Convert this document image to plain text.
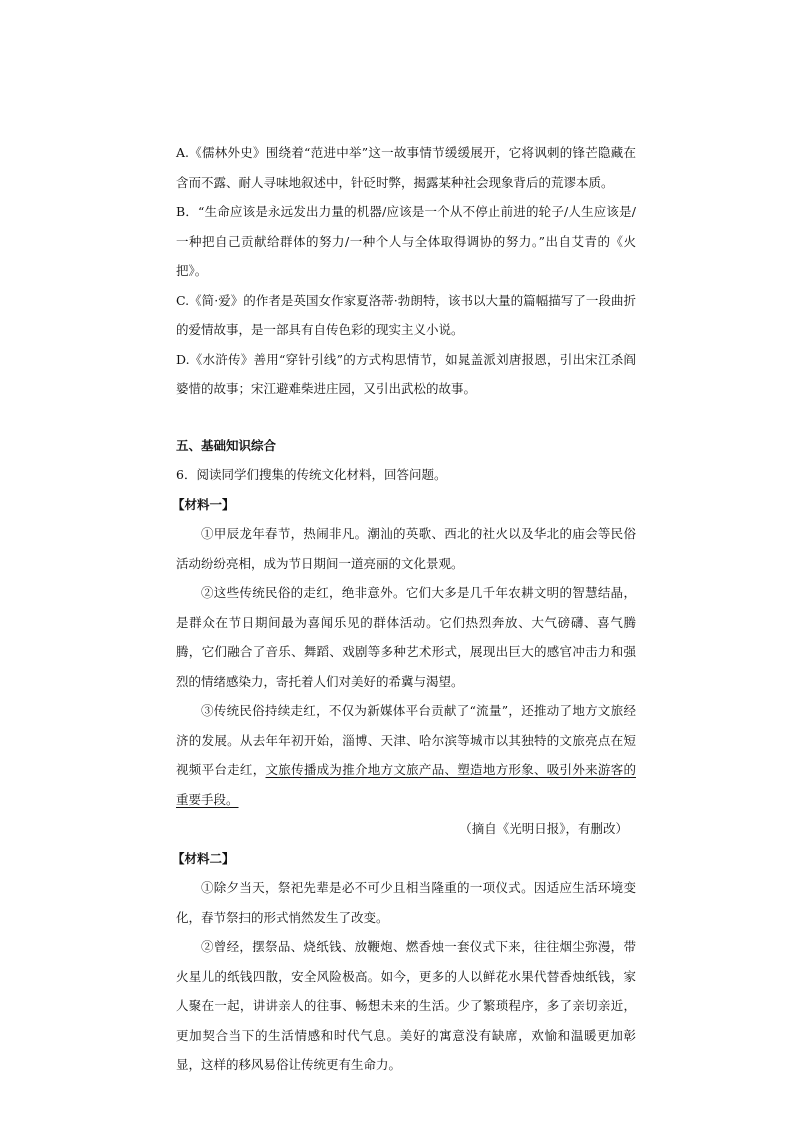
A.《儒林外史》围绕着“范进中举”这一故事情节缓缓展开，它将讽刺的锋芒隐藏在含而不露、耐人寻味地叙述中，针砭时弊，揭露某种社会现象背后的荒谬本质。

B．“生命应该是永远发出力量的机器/应该是一个从不停止前进的轮子/人生应该是/一种把自己贡献给群体的努力/一种个人与全体取得调协的努力。”出自艾青的《火把》。

C.《简·爱》的作者是英国女作家夏洛蒂·勃朗特，该书以大量的篇幅描写了一段曲折的爱情故事，是一部具有自传色彩的现实主义小说。

D.《水浒传》善用“穿针引线”的方式构思情节，如晁盖派刘唐报恩，引出宋江杀阎婆惜的故事；宋江避难柴进庄园，又引出武松的故事。

五、基础知识综合

6．阅读同学们搜集的传统文化材料，回答问题。

【材料一】

①甲辰龙年春节，热闹非凡。潮汕的英歌、西北的社火以及华北的庙会等民俗活动纷纷亮相，成为节日期间一道亮丽的文化景观。

②这些传统民俗的走红，绝非意外。它们大多是几千年农耕文明的智慧结晶，是群众在节日期间最为喜闻乐见的群体活动。它们热烈奔放、大气磅礴、喜气腾腾，它们融合了音乐、舞蹈、戏剧等多种艺术形式，展现出巨大的感官冲击力和强烈的情绪感染力，寄托着人们对美好的希冀与渴望。

③传统民俗持续走红，不仅为新媒体平台贡献了“流量”，还推动了地方文旅经济的发展。从去年年初开始，淄博、天津、哈尔滨等城市以其独特的文旅亮点在短视频平台走红，文旅传播成为推介地方文旅产品、塑造地方形象、吸引外来游客的重要手段。

（摘自《光明日报》，有删改）

【材料二】

①除夕当天，祭祀先辈是必不可少且相当隆重的一项仪式。因适应生活环境变化，春节祭扫的形式悄然发生了改变。

②曾经，摆祭品、烧纸钱、放鞭炮、燃香烛一套仪式下来，往往烟尘弥漫，带火星儿的纸钱四散，安全风险极高。如今，更多的人以鲜花水果代替香烛纸钱，家人聚在一起，讲讲亲人的往事、畅想未来的生活。少了繁琐程序，多了亲切亲近，更加契合当下的生活情感和时代气息。美好的寓意没有缺席，欢愉和温暖更加彰显，这样的移风易俗让传统更有生命力。
